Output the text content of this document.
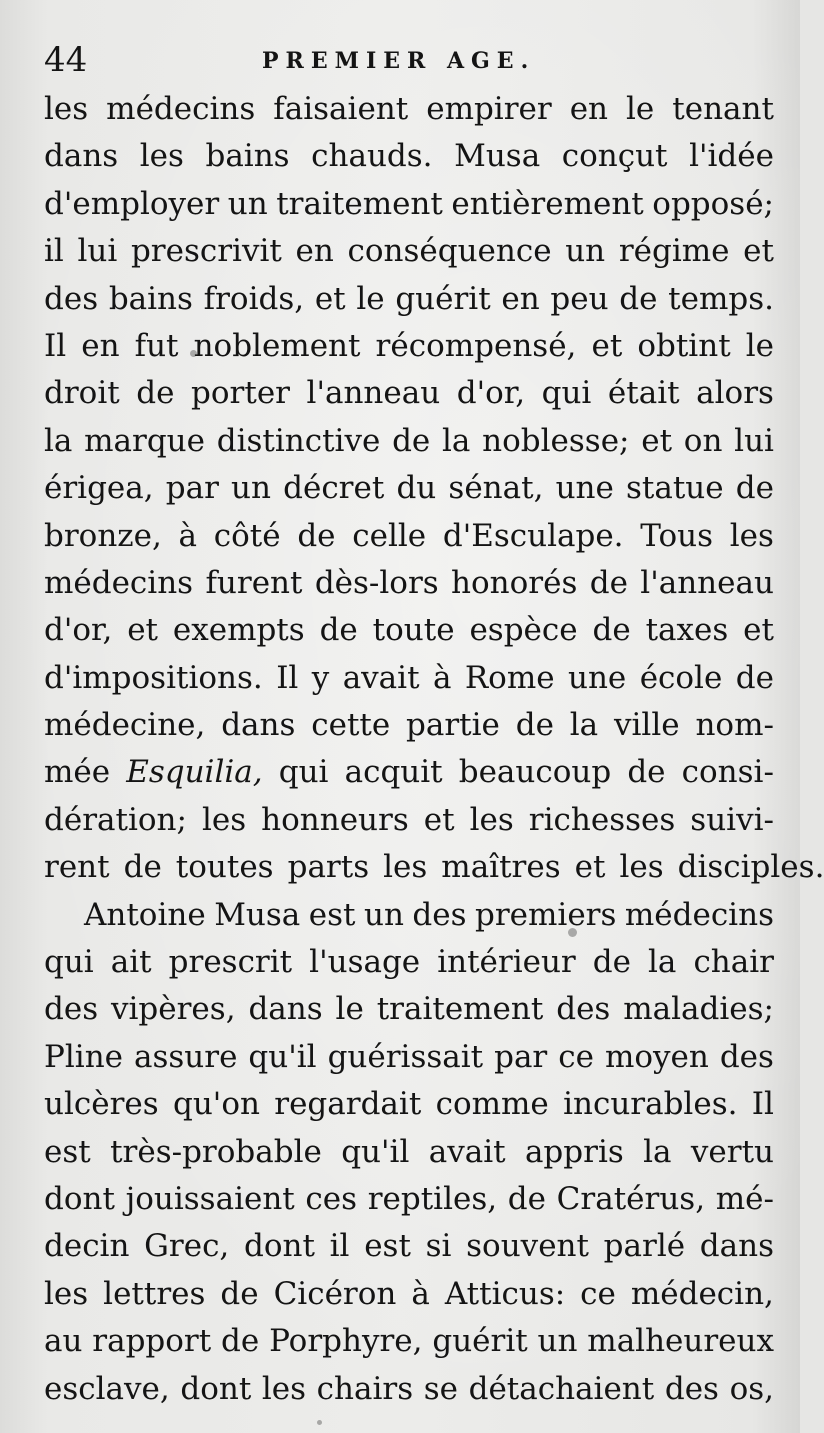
44	PREMIER AGE.
les médecins faisaient empirer en le tenant
dans les bains chauds. Musa conçut l'idée
d'employer un traitement entièrement opposé;
il lui prescrivit en conséquence un régime et
des bains froids, et le guérit en peu de temps.
Il en fut noblement récompensé, et obtint le
droit de porter l'anneau d'or, qui était alors
la marque distinctive de la noblesse; et on lui
érigea, par un décret du sénat, une statue de
bronze, à côté de celle d'Esculape. Tous les
médecins furent dès-lors honorés de l'anneau
d'or, et exempts de toute espèce de taxes et
d'impositions. Il y avait à Rome une école de
médecine, dans cette partie de la ville nom-
mée Esquilia, qui acquit beaucoup de consi-
dération; les honneurs et les richesses suivi-
rent de toutes parts les maîtres et les disciples.
Antoine Musa est un des premiers médecins
qui ait prescrit l'usage intérieur de la chair
des vipères, dans le traitement des maladies;
Pline assure qu'il guérissait par ce moyen des
ulcères qu'on regardait comme incurables. Il
est très-probable qu'il avait appris la vertu
dont jouissaient ces reptiles, de Cratérus, mé-
decin Grec, dont il est si souvent parlé dans
les lettres de Cicéron à Atticus: ce médecin,
au rapport de Porphyre, guérit un malheureux
esclave, dont les chairs se détachaient des os,
